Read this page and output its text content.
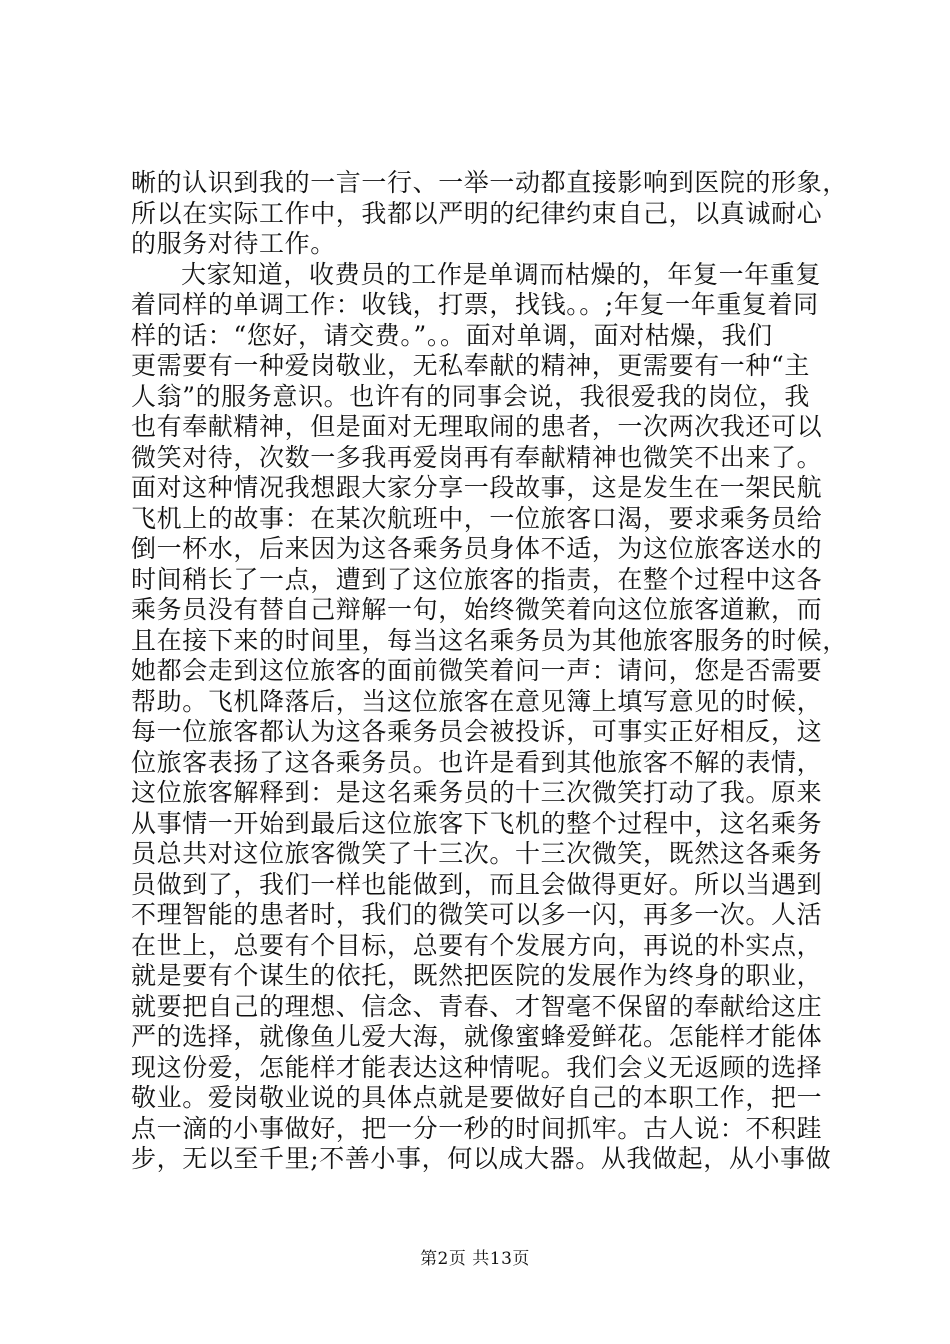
晰的认识到我的一言一行、一举一动都直接影响到医院的形象，
所以在实际工作中，我都以严明的纪律约束自己，以真诚耐心
的服务对待工作。
大家知道，收费员的工作是单调而枯燥的，年复一年重复
着同样的单调工作：收钱，打票，找钱。。;年复一年重复着同
样的话：“您好，请交费。”。。面对单调，面对枯燥，我们
更需要有一种爱岗敬业，无私奉献的精神，更需要有一种“主
人翁”的服务意识。也许有的同事会说，我很爱我的岗位，我
也有奉献精神，但是面对无理取闹的患者，一次两次我还可以
微笑对待，次数一多我再爱岗再有奉献精神也微笑不出来了。
面对这种情况我想跟大家分享一段故事，这是发生在一架民航
飞机上的故事：在某次航班中，一位旅客口渴，要求乘务员给
倒一杯水，后来因为这各乘务员身体不适，为这位旅客送水的
时间稍长了一点，遭到了这位旅客的指责，在整个过程中这各
乘务员没有替自己辩解一句，始终微笑着向这位旅客道歉，而
且在接下来的时间里，每当这名乘务员为其他旅客服务的时候，
她都会走到这位旅客的面前微笑着问一声：请问，您是否需要
帮助。飞机降落后，当这位旅客在意见簿上填写意见的时候，
每一位旅客都认为这各乘务员会被投诉，可事实正好相反，这
位旅客表扬了这各乘务员。也许是看到其他旅客不解的表情，
这位旅客解释到：是这名乘务员的十三次微笑打动了我。原来
从事情一开始到最后这位旅客下飞机的整个过程中，这名乘务
员总共对这位旅客微笑了十三次。十三次微笑，既然这各乘务
员做到了，我们一样也能做到，而且会做得更好。所以当遇到
不理智能的患者时，我们的微笑可以多一闪，再多一次。人活
在世上，总要有个目标，总要有个发展方向，再说的朴实点，
就是要有个谋生的依托，既然把医院的发展作为终身的职业，
就要把自己的理想、信念、青春、才智毫不保留的奉献给这庄
严的选择，就像鱼儿爱大海，就像蜜蜂爱鲜花。怎能样才能体
现这份爱，怎能样才能表达这种情呢。我们会义无返顾的选择
敬业。爱岗敬业说的具体点就是要做好自己的本职工作，把一
点一滴的小事做好，把一分一秒的时间抓牢。古人说：不积跬
步，无以至千里;不善小事，何以成大器。从我做起，从小事做
第2页 共13页
